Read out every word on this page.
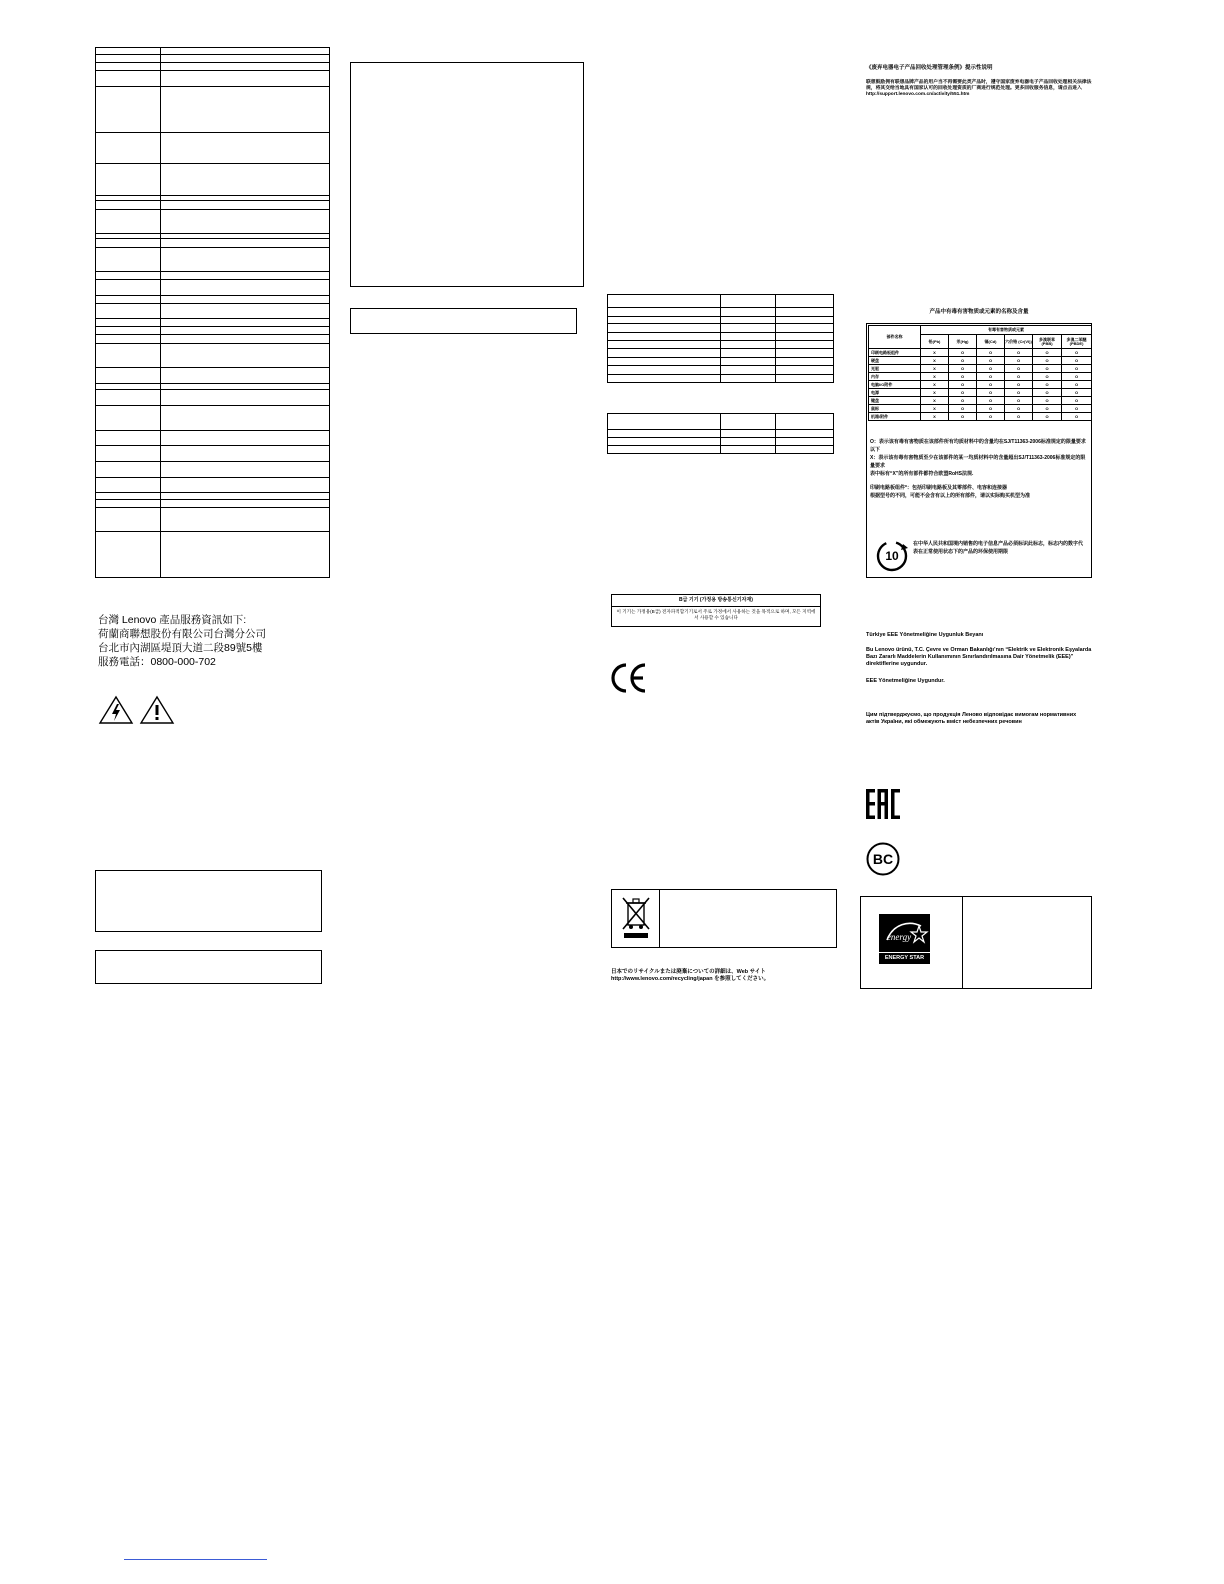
台灣 Lenovo 產品服務資訊如下:
荷蘭商聯想股份有限公司台灣分公司
台北市內湖區堤頂大道二段89號5樓
服務電話：0800-000-702

B급 기기 (가정용 방송통신기자재)
이 기기는 가정용(B급) 전자파적합기기로서 주로 가정에서 사용하는 것을 목적으로 하며, 모든 지역에서 사용할 수 있습니다
日本でのリサイクルまたは廃棄についての詳細は、Web サイト
http://www.lenovo.com/recycling/japan を参照してください。
《废弃电器电子产品回收处理管理条例》提示性说明
联想鼓励拥有联想品牌产品的用户当不再需要此类产品时，遵守国家废弃电器电子产品回收处理相关法律法规，将其交给当地具有国家认可的回收处理资质的厂商进行规范处理。更多回收服务信息，请点击进入
http://support.lenovo.com.cn/activity/551.htm
产品中有毒有害物质或元素的名称及含量
部件名称	有毒有害物质或元素					
	铅(Pb)	汞(Hg)	镉(Cd)	六价铬 (Cr(VI))	多溴联苯 (PBB)	多溴二苯醚 (PBDE)
印刷电路板组件	X	O	O	O	O	O
硬盘	X	O	O	O	O	O
光驱	X	O	O	O	O	O
内存	X	O	O	O	O	O
电脑I/O附件	X	O	O	O	O	O
电源	X	O	O	O	O	O
键盘	X	O	O	O	O	O
鼠标	X	O	O	O	O	O
机箱/附件	X	O	O	O	O	O
O：表示该有毒有害物质在该部件所有均质材料中的含量均在SJ/T11363-2006标准规定的限量要求以下
X：表示该有毒有害物质至少在该部件的某一均质材料中的含量超出SJ/T11363-2006标准规定的限量要求
表中标有“X”的所有部件都符合欧盟RoHS法规.
印刷电路板组件*：包括印刷电路板及其零部件、电容和连接器
根据型号的不同，可能不会含有以上的所有部件，请以实际购买机型为准
10
在中华人民共和国境内销售的电子信息产品必须标识此标志，标志内的数字代表在正常使用状态下的产品的环保使用期限
Türkiye EEE Yönetmeliğine Uygunluk Beyanı
Bu Lenovo ürünü, T.C. Çevre ve Orman Bakanlığı’nın “Elektrik ve Elektronik Eşyalarda Bazı Zararlı Maddelerin Kullanımının Sınırlandırılmasına Dair Yönetmelik (EEE)” direktiflerine uygundur.
EEE Yönetmeliğine Uygundur.
Цим підтверджуємо, що продукція Леново відповідає вимогам нормативних актів України, які обмежують вміст небезпечних речовин
BC
energy
ENERGY STAR
